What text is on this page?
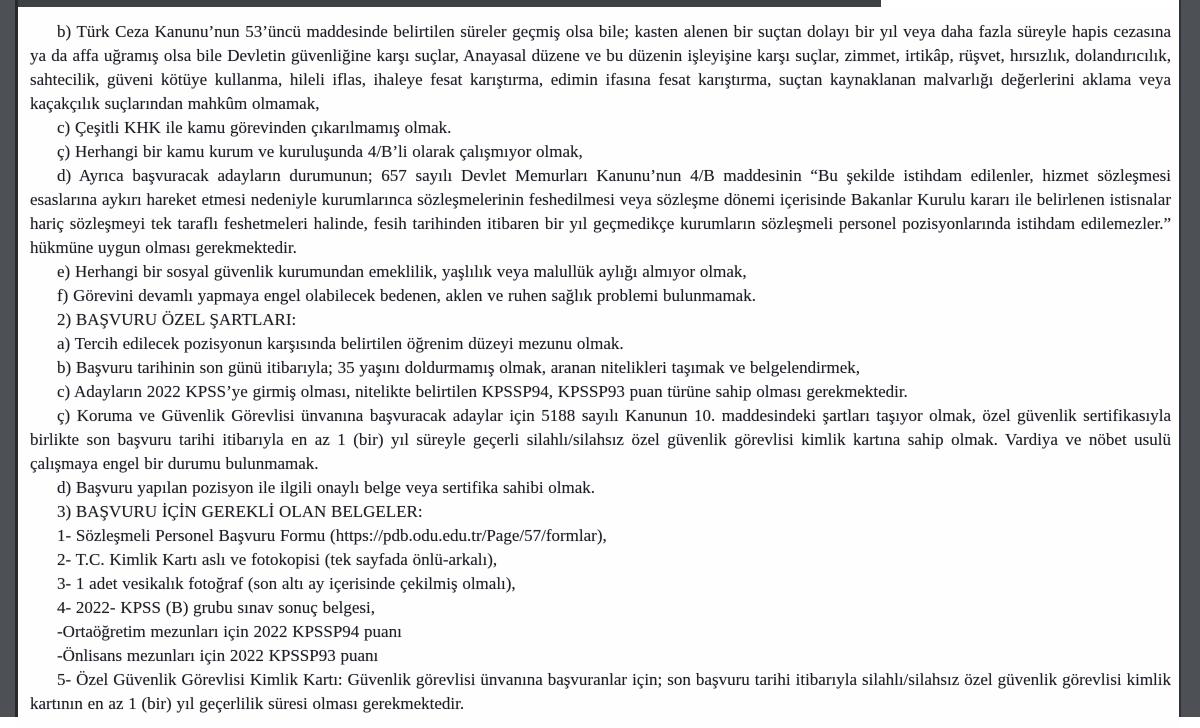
b) Türk Ceza Kanunu’nun 53’üncü maddesinde belirtilen süreler geçmiş olsa bile; kasten alenen bir suçtan dolayı bir yıl veya daha fazla süreyle hapis cezasına ya da affa uğramış olsa bile Devletin güvenliğine karşı suçlar, Anayasal düzene ve bu düzenin işleyişine karşı suçlar, zimmet, irtikâp, rüşvet, hırsızlık, dolandırıcılık, sahtecilik, güveni kötüye kullanma, hileli iflas, ihaleye fesat karıştırma, edimin ifasına fesat karıştırma, suçtan kaynaklanan malvarlığı değerlerini aklama veya kaçakçılık suçlarından mahkûm olmamak,

c) Çeşitli KHK ile kamu görevinden çıkarılmamış olmak.

ç) Herhangi bir kamu kurum ve kuruluşunda 4/B’li olarak çalışmıyor olmak,

d) Ayrıca başvuracak adayların durumunun; 657 sayılı Devlet Memurları Kanunu’nun 4/B maddesinin “Bu şekilde istihdam edilenler, hizmet sözleşmesi esaslarına aykırı hareket etmesi nedeniyle kurumlarınca sözleşmelerinin feshedilmesi veya sözleşme dönemi içerisinde Bakanlar Kurulu kararı ile belirlenen istisnalar hariç sözleşmeyi tek taraflı feshetmeleri halinde, fesih tarihinden itibaren bir yıl geçmedikçe kurumların sözleşmeli personel pozisyonlarında istihdam edilemezler.” hükmüne uygun olması gerekmektedir.

e) Herhangi bir sosyal güvenlik kurumundan emeklilik, yaşlılık veya malullük aylığı almıyor olmak,

f) Görevini devamlı yapmaya engel olabilecek bedenen, aklen ve ruhen sağlık problemi bulunmamak.

2) BAŞVURU ÖZEL ŞARTLARI:

a) Tercih edilecek pozisyonun karşısında belirtilen öğrenim düzeyi mezunu olmak.

b) Başvuru tarihinin son günü itibarıyla; 35 yaşını doldurmamış olmak, aranan nitelikleri taşımak ve belgelendirmek,

c) Adayların 2022 KPSS’ye girmiş olması, nitelikte belirtilen KPSSP94, KPSSP93 puan türüne sahip olması gerekmektedir.

ç) Koruma ve Güvenlik Görevlisi ünvanına başvuracak adaylar için 5188 sayılı Kanunun 10. maddesindeki şartları taşıyor olmak, özel güvenlik sertifikasıyla birlikte son başvuru tarihi itibarıyla en az 1 (bir) yıl süreyle geçerli silahlı/silahsız özel güvenlik görevlisi kimlik kartına sahip olmak. Vardiya ve nöbet usulü çalışmaya engel bir durumu bulunmamak.

d) Başvuru yapılan pozisyon ile ilgili onaylı belge veya sertifika sahibi olmak.

3) BAŞVURU İÇİN GEREKLİ OLAN BELGELER:

1- Sözleşmeli Personel Başvuru Formu (https://pdb.odu.edu.tr/Page/57/formlar),

2- T.C. Kimlik Kartı aslı ve fotokopisi (tek sayfada önlü-arkalı),

3- 1 adet vesikalık fotoğraf (son altı ay içerisinde çekilmiş olmalı),

4- 2022- KPSS (B) grubu sınav sonuç belgesi,

-Ortaöğretim mezunları için 2022 KPSSP94 puanı

-Önlisans mezunları için 2022 KPSSP93 puanı

5- Özel Güvenlik Görevlisi Kimlik Kartı: Güvenlik görevlisi ünvanına başvuranlar için; son başvuru tarihi itibarıyla silahlı/silahsız özel güvenlik görevlisi kimlik kartının en az 1 (bir) yıl geçerlilik süresi olması gerekmektedir.
